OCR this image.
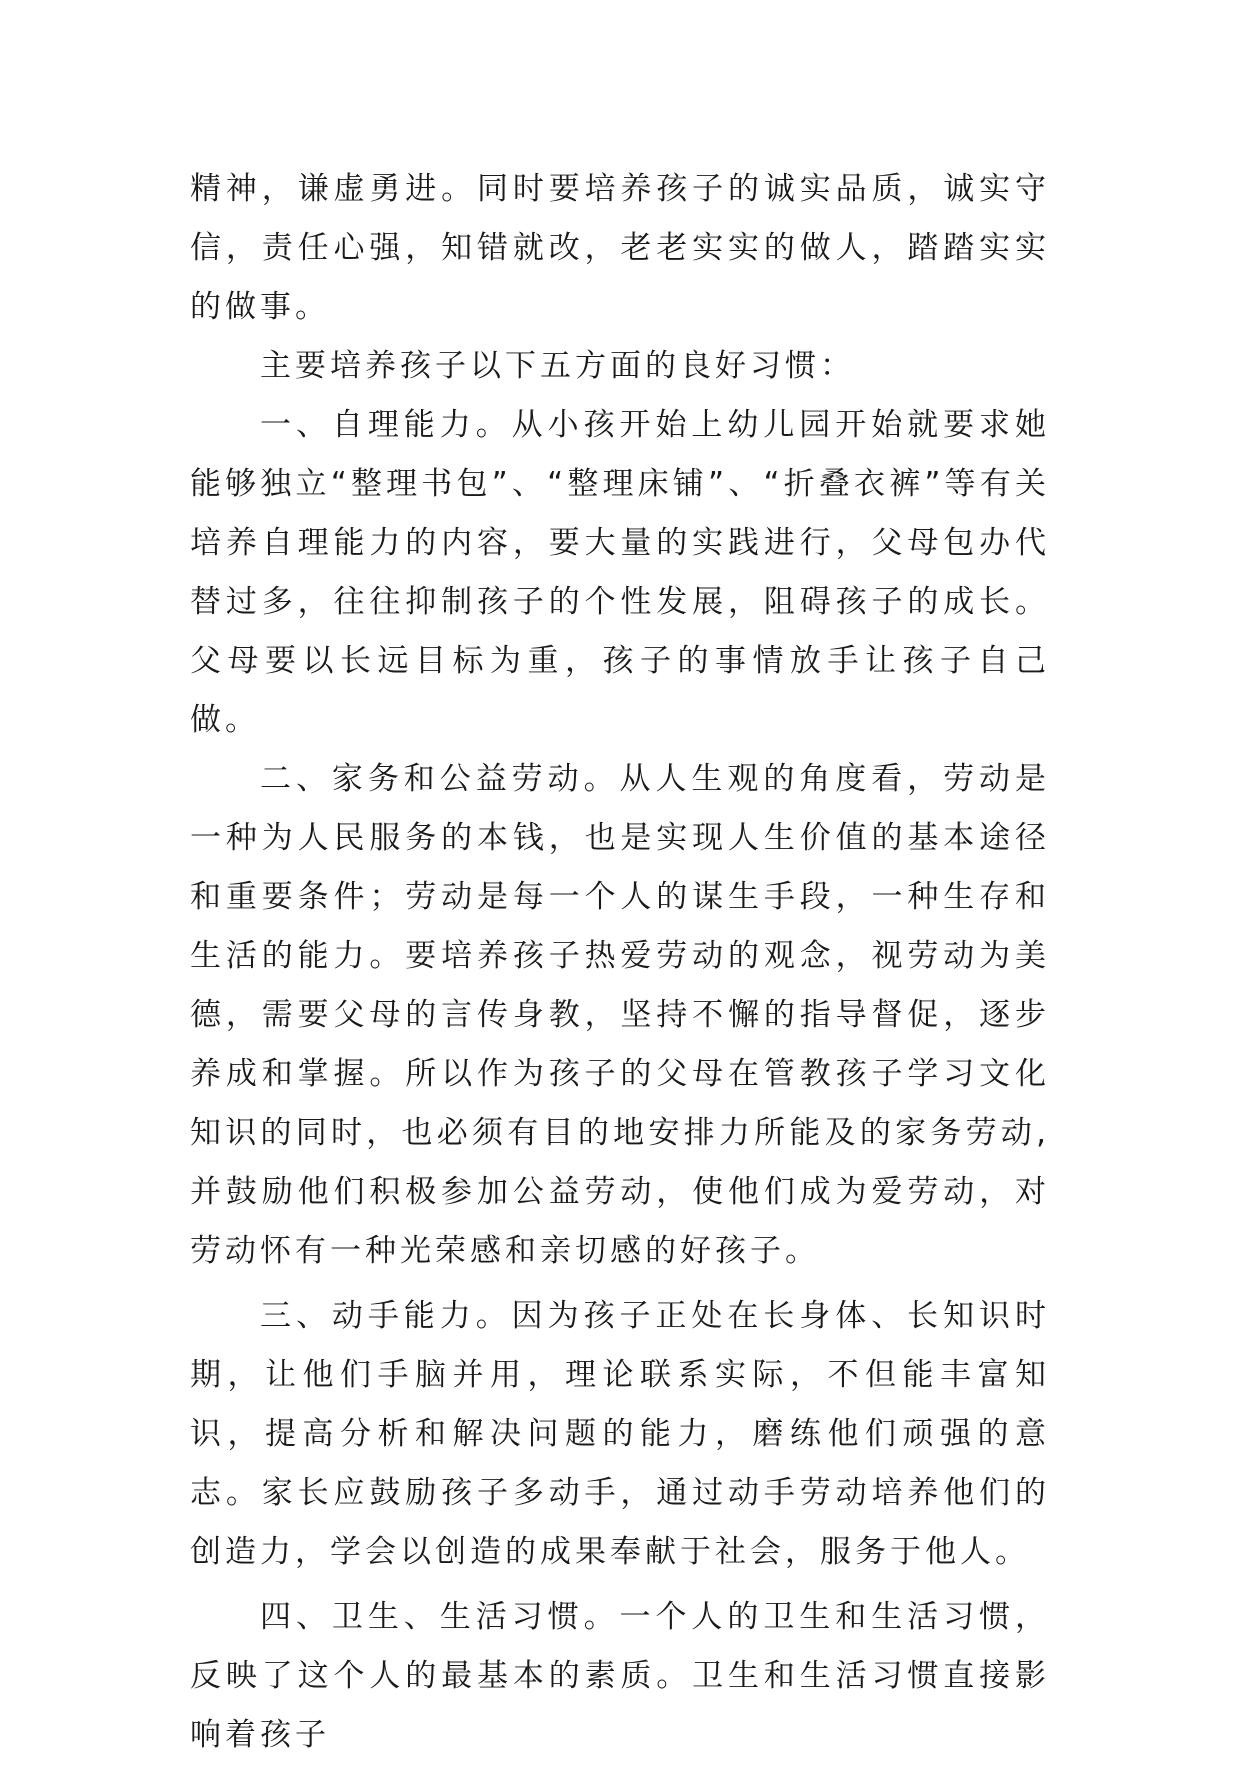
精神，谦虚勇进。同时要培养孩子的诚实品质，诚实守信，责任心强，知错就改，老老实实的做人，踏踏实实的做事。

主要培养孩子以下五方面的良好习惯：

一、自理能力。从小孩开始上幼儿园开始就要求她能够独立“整理书包”、“整理床铺”、“折叠衣裤”等有关培养自理能力的内容，要大量的实践进行，父母包办代替过多，往往抑制孩子的个性发展，阻碍孩子的成长。父母要以长远目标为重，孩子的事情放手让孩子自己做。

二、家务和公益劳动。从人生观的角度看，劳动是一种为人民服务的本钱，也是实现人生价值的基本途径和重要条件；劳动是每一个人的谋生手段，一种生存和生活的能力。要培养孩子热爱劳动的观念，视劳动为美德，需要父母的言传身教，坚持不懈的指导督促，逐步养成和掌握。所以作为孩子的父母在管教孩子学习文化知识的同时，也必须有目的地安排力所能及的家务劳动,并鼓励他们积极参加公益劳动，使他们成为爱劳动，对劳动怀有一种光荣感和亲切感的好孩子。

三、动手能力。因为孩子正处在长身体、长知识时期，让他们手脑并用，理论联系实际，不但能丰富知识，提高分析和解决问题的能力，磨练他们顽强的意志。家长应鼓励孩子多动手，通过动手劳动培养他们的创造力，学会以创造的成果奉献于社会，服务于他人。

四、卫生、生活习惯。一个人的卫生和生活习惯，反映了这个人的最基本的素质。卫生和生活习惯直接影响着孩子
